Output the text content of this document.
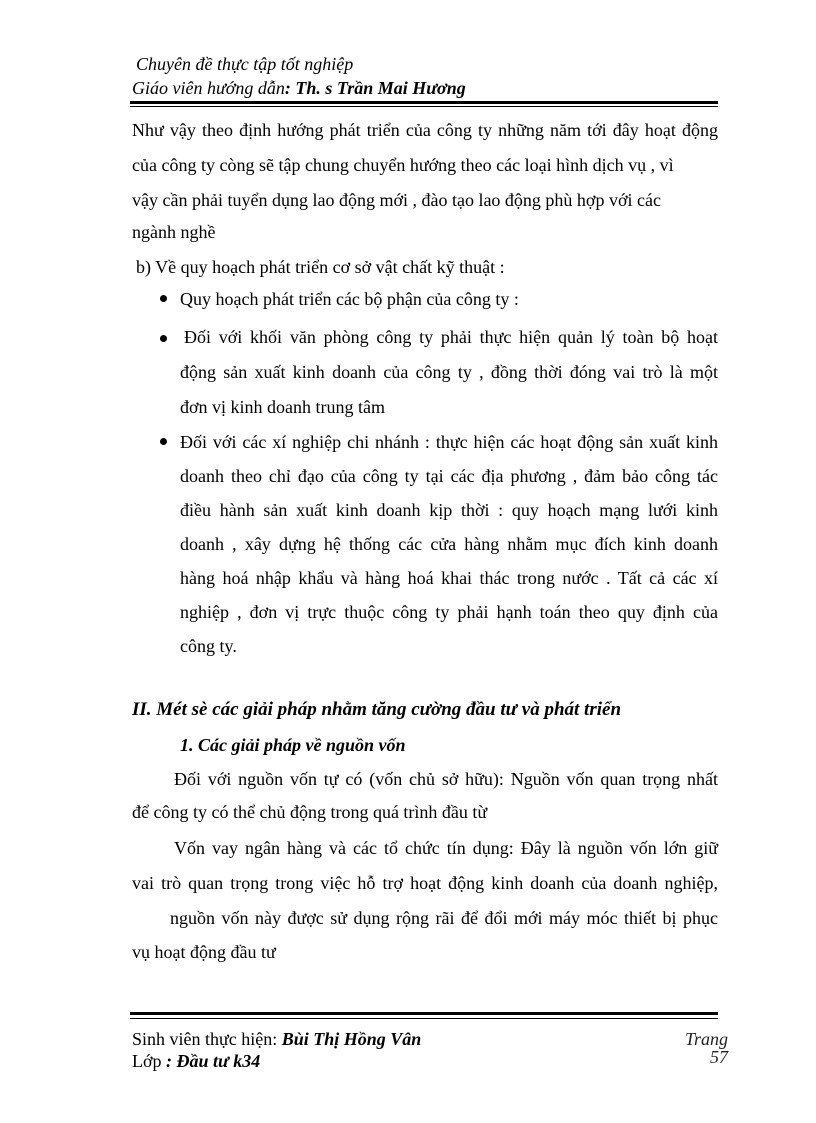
Chuyên đề thực tập tốt nghiệp
Giáo viên hướng dẫn: Th. s Trần Mai Hương
Như vậy theo định hướng phát triển của công ty những năm tới đây hoạt động
của công ty còng sẽ tập chung chuyển hướng theo các loại hình dịch vụ , vì
vậy cần phải tuyển dụng lao động mới , đào tạo lao động phù hợp với các
ngành nghề
b) Về quy hoạch phát triển cơ sở vật chất kỹ thuật :
Quy hoạch phát triển các bộ phận của công ty :
Đối với khối văn phòng công ty phải thực hiện quản lý toàn bộ hoạt
động sản xuất kinh doanh của công ty , đồng thời đóng vai trò là một
đơn vị kinh doanh trung tâm
Đối với các xí nghiệp chi nhánh : thực hiện các hoạt động sản xuất kinh
doanh theo chỉ đạo của công ty tại các địa phương , đảm bảo công tác
điều hành sản xuất kinh doanh kịp thời : quy hoạch mạng lưới kinh
doanh , xây dựng hệ thống các cửa hàng nhằm mục đích kinh doanh
hàng hoá nhập khẩu và hàng hoá khai thác trong nước . Tất cả các xí
nghiệp , đơn vị trực thuộc công ty phải hạnh toán theo quy định của
công ty.
II. Mét sè các giải pháp nhằm tăng cường đầu tư và phát triển
1. Các giải pháp về nguồn vốn
Đối với nguồn vốn tự có (vốn chủ sở hữu): Nguồn vốn quan trọng nhất
để công ty có thể chủ động trong quá trình đầu từ
Vốn vay ngân hàng và các tổ chức tín dụng: Đây là nguồn vốn lớn giữ
vai trò quan trọng trong việc hỗ trợ hoạt động kinh doanh của doanh nghiệp,
nguồn vốn này được sử dụng rộng rãi để đổi mới máy móc thiết bị phục
vụ hoạt động đầu tư
Sinh viên thực hiện: Bùi Thị Hồng Vân
Lớp : Đầu tư k34
Trang
57
